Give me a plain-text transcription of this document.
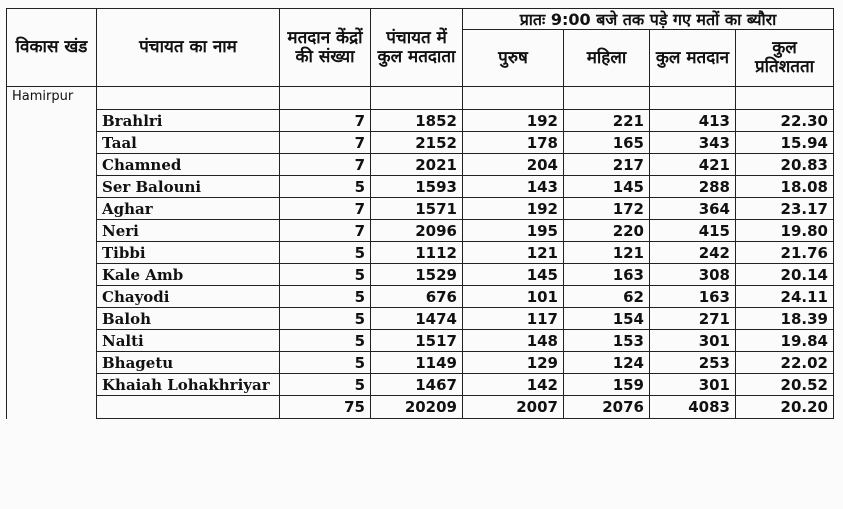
विकास खंड	पंचायत का नाम	मतदान केंद्रों की संख्या	पंचायत में कुल मतदाता	प्रातः 9:00 बजे तक पड़े गए मतों का ब्यौरा			
				पुरुष	महिला	कुल मतदान	कुल प्रतिशतता
Hamirpur							
	Brahlri	7	1852	192	221	413	22.30
	Taal	7	2152	178	165	343	15.94
	Chamned	7	2021	204	217	421	20.83
	Ser Balouni	5	1593	143	145	288	18.08
	Aghar	7	1571	192	172	364	23.17
	Neri	7	2096	195	220	415	19.80
	Tibbi	5	1112	121	121	242	21.76
	Kale Amb	5	1529	145	163	308	20.14
	Chayodi	5	676	101	62	163	24.11
	Baloh	5	1474	117	154	271	18.39
	Nalti	5	1517	148	153	301	19.84
	Bhagetu	5	1149	129	124	253	22.02
	Khaiah Lohakhriyar	5	1467	142	159	301	20.52
		75	20209	2007	2076	4083	20.20
